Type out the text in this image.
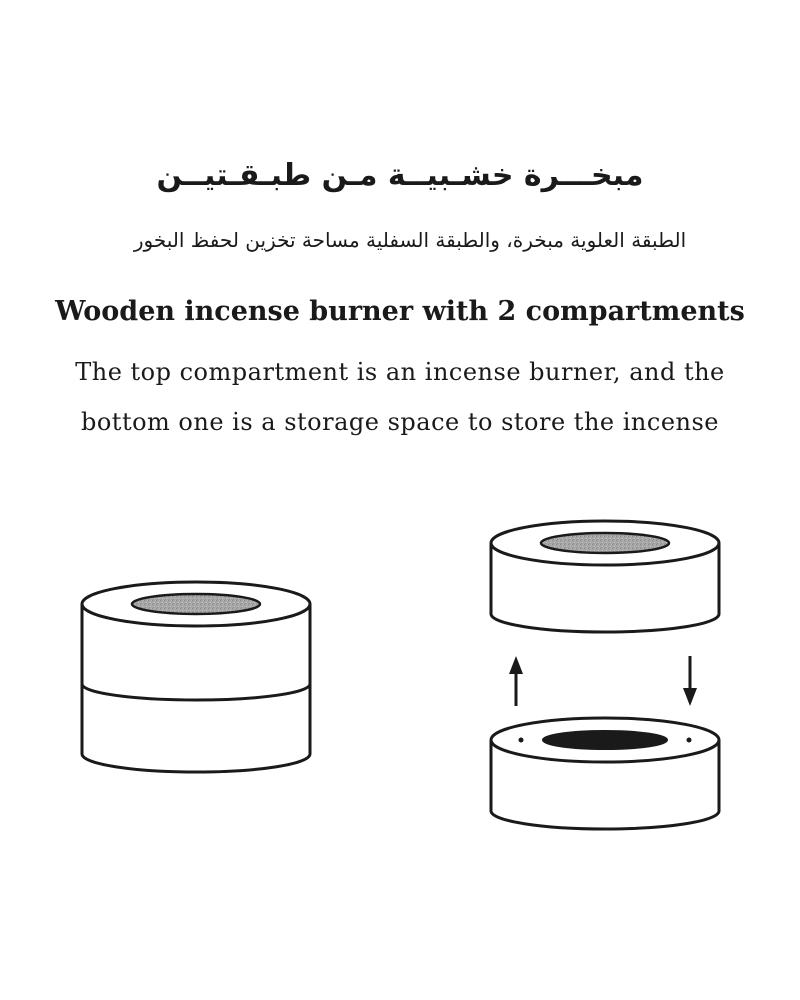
مبخـــرة خشـبيــة مـن طبـقـتيــن
الطبقة العلوية مبخرة، والطبقة السفلية مساحة تخزين لحفظ البخور
Wooden incense burner with 2 compartments
The top compartment is an incense burner, and the
bottom one is a storage space to store the incense
